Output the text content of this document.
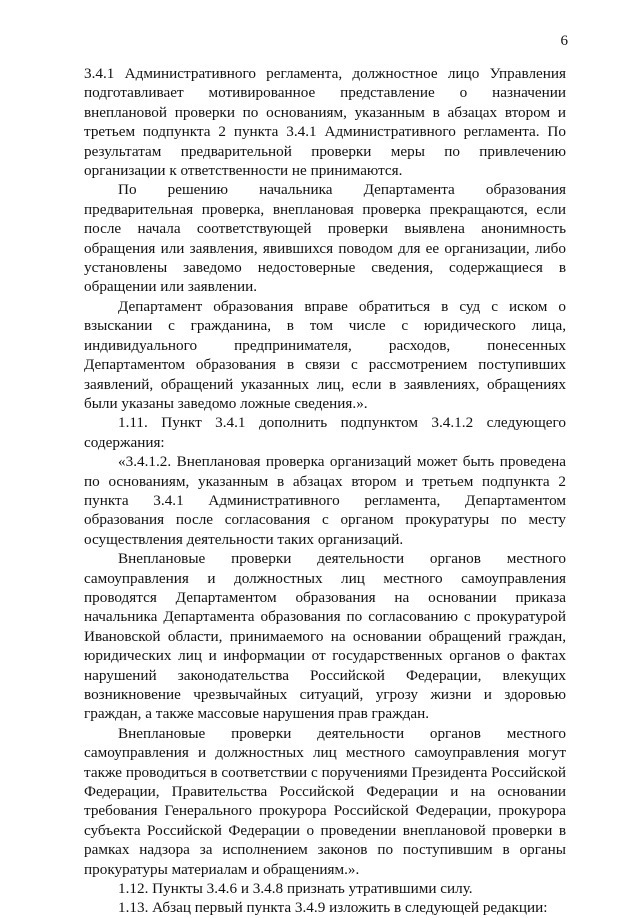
6

3.4.1 Административного регламента, должностное лицо Управления подготавливает мотивированное представление о назначении внеплановой проверки по основаниям, указанным в абзацах втором и третьем подпункта 2 пункта 3.4.1 Административного регламента. По результатам предварительной проверки меры по привлечению организации к ответственности не принимаются.

По решению начальника Департамента образования предварительная проверка, внеплановая проверка прекращаются, если после начала соответствующей проверки выявлена анонимность обращения или заявления, явившихся поводом для ее организации, либо установлены заведомо недостоверные сведения, содержащиеся в обращении или заявлении.

Департамент образования вправе обратиться в суд с иском о взыскании с гражданина, в том числе с юридического лица, индивидуального предпринимателя, расходов, понесенных Департаментом образования в связи с рассмотрением поступивших заявлений, обращений указанных лиц, если в заявлениях, обращениях были указаны заведомо ложные сведения.».

1.11. Пункт 3.4.1 дополнить подпунктом 3.4.1.2 следующего содержания:

«3.4.1.2. Внеплановая проверка организаций может быть проведена по основаниям, указанным в абзацах втором и третьем подпункта 2 пункта 3.4.1 Административного регламента, Департаментом образования после согласования с органом прокуратуры по месту осуществления деятельности таких организаций.

Внеплановые проверки деятельности органов местного самоуправления и должностных лиц местного самоуправления проводятся Департаментом образования на основании приказа начальника Департамента образования по согласованию с прокуратурой Ивановской области, принимаемого на основании обращений граждан, юридических лиц и информации от государственных органов о фактах нарушений законодательства Российской Федерации, влекущих возникновение чрезвычайных ситуаций, угрозу жизни и здоровью граждан, а также массовые нарушения прав граждан.

Внеплановые проверки деятельности органов местного самоуправления и должностных лиц местного самоуправления могут также проводиться в соответствии с поручениями Президента Российской Федерации, Правительства Российской Федерации и на основании требования Генерального прокурора Российской Федерации, прокурора субъекта Российской Федерации о проведении внеплановой проверки в рамках надзора за исполнением законов по поступившим в органы прокуратуры материалам и обращениям.».

1.12. Пункты 3.4.6 и 3.4.8 признать утратившими силу.

1.13. Абзац первый пункта 3.4.9 изложить в следующей редакции:
